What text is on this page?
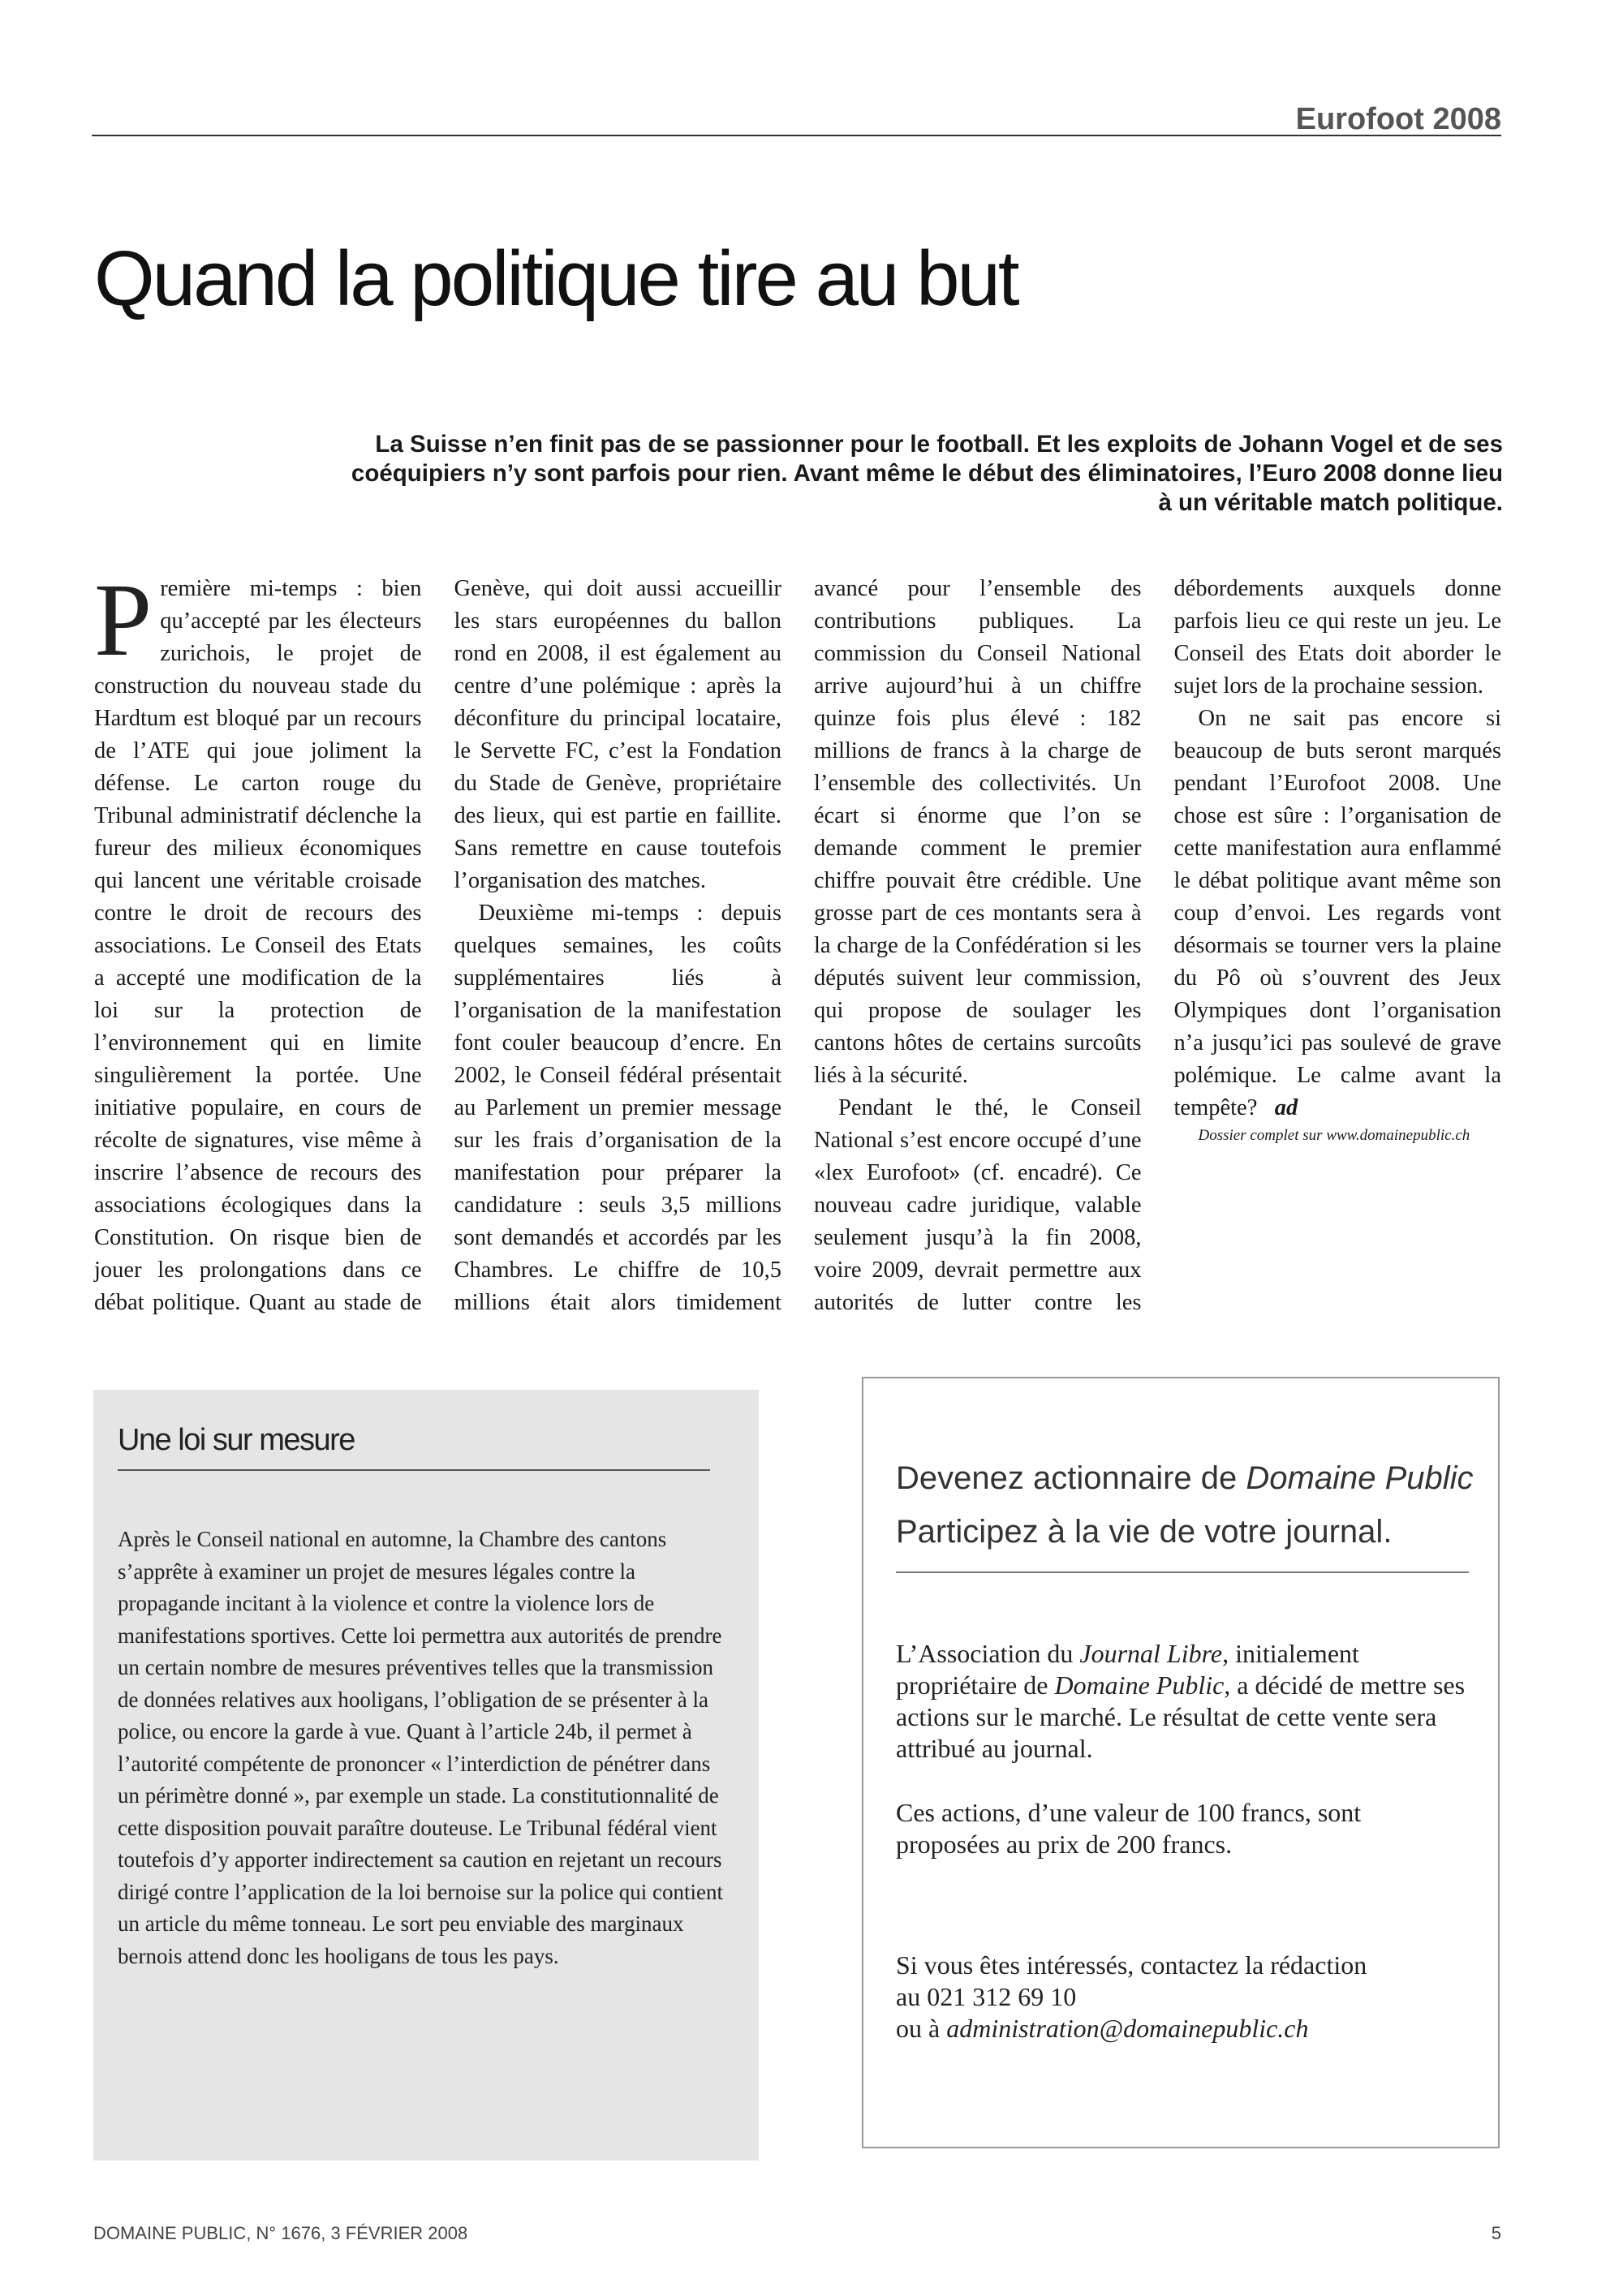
Eurofoot 2008
Quand la politique tire au but

La Suisse n’en finit pas de se passionner pour le football. Et les exploits de Johann Vogel et de ses coéquipiers n’y sont parfois pour rien. Avant même le début des éliminatoires, l’Euro 2008 donne lieu à un véritable match politique.

Première mi-temps : bien qu’accepté par les électeurs zurichois, le projet de construction du nouveau stade du Hardtum est bloqué par un recours de l’ATE qui joue joliment la défense. Le carton rouge du Tribunal administratif déclenche la fureur des milieux économiques qui lancent une véritable croisade contre le droit de recours des associations. Le Conseil des Etats a accepté une modification de la loi sur la protection de l’environnement qui en limite singulièrement la portée. Une initiative populaire, en cours de récolte de signatures, vise même à inscrire l’absence de recours des associations écologiques dans la Constitution. On risque bien de jouer les prolongations dans ce débat politique. Quant au stade de Genève, qui doit aussi accueillir les stars européennes du ballon rond en 2008, il est également au centre d’une polémique : après la déconfiture du principal locataire, le Servette FC, c’est la Fondation du Stade de Genève, propriétaire des lieux, qui est partie en faillite. Sans remettre en cause toutefois l’organisation des matches.

Deuxième mi-temps : depuis quelques semaines, les coûts supplémentaires liés à l’organisation de la manifestation font couler beaucoup d’encre. En 2002, le Conseil fédéral présentait au Parlement un premier message sur les frais d’organisation de la manifestation pour préparer la candidature : seuls 3,5 millions sont demandés et accordés par les Chambres. Le chiffre de 10,5 millions était alors timidement avancé pour l’ensemble des contributions publiques. La commission du Conseil National arrive aujourd’hui à un chiffre quinze fois plus élevé : 182 millions de francs à la charge de l’ensemble des collectivités. Un écart si énorme que l’on se demande comment le premier chiffre pouvait être crédible. Une grosse part de ces montants sera à la charge de la Confédération si les députés suivent leur commission, qui propose de soulager les cantons hôtes de certains surcoûts liés à la sécurité.

Pendant le thé, le Conseil National s’est encore occupé d’une «lex Eurofoot» (cf. encadré). Ce nouveau cadre juridique, valable seulement jusqu’à la fin 2008, voire 2009, devrait permettre aux autorités de lutter contre les débordements auxquels donne parfois lieu ce qui reste un jeu. Le Conseil des Etats doit aborder le sujet lors de la prochaine session.

On ne sait pas encore si beaucoup de buts seront marqués pendant l’Eurofoot 2008. Une chose est sûre : l’organisation de cette manifestation aura enflammé le débat politique avant même son coup d’envoi. Les regards vont désormais se tourner vers la plaine du Pô où s’ouvrent des Jeux Olympiques dont l’organisation n’a jusqu’ici pas soulevé de grave polémique. Le calme avant la tempête? ad

Dossier complet sur www.domainepublic.ch

Une loi sur mesure
Après le Conseil national en automne, la Chambre des cantons s’apprête à examiner un projet de mesures légales contre la propagande incitant à la violence et contre la violence lors de manifestations sportives. Cette loi permettra aux autorités de prendre un certain nombre de mesures préventives telles que la transmission de données relatives aux hooligans, l’obligation de se présenter à la police, ou encore la garde à vue. Quant à l’article 24b, il permet à l’autorité compétente de prononcer « l’interdiction de pénétrer dans un périmètre donné », par exemple un stade. La constitutionnalité de cette disposition pouvait paraître douteuse. Le Tribunal fédéral vient toutefois d’y apporter indirectement sa caution en rejetant un recours dirigé contre l’application de la loi bernoise sur la police qui contient un article du même tonneau. Le sort peu enviable des marginaux bernois attend donc les hooligans de tous les pays.
Devenez actionnaire de Domaine Public
Participez à la vie de votre journal.

L’Association du Journal Libre, initialement propriétaire de Domaine Public, a décidé de mettre ses actions sur le marché. Le résultat de cette vente sera attribué au journal.

Ces actions, d’une valeur de 100 francs, sont proposées au prix de 200 francs.

Si vous êtes intéressés, contactez la rédaction
au 021 312 69 10
ou à administration@domainepublic.ch

DOMAINE PUBLIC, N° 1676, 3 FÉVRIER 2008	5
